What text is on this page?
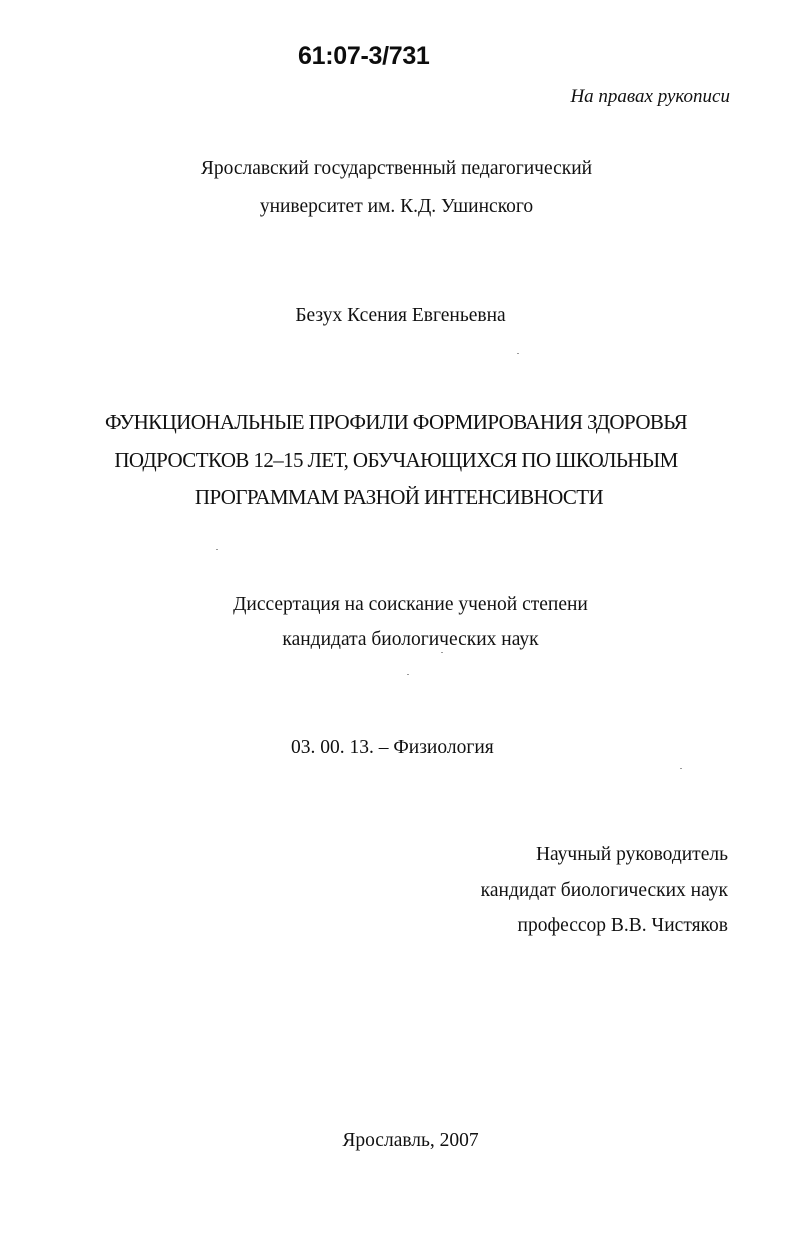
61:07-3/731
На правах рукописи
Ярославский государственный педагогический
университет им. К.Д. Ушинского
Безух Ксения Евгеньевна
ФУНКЦИОНАЛЬНЫЕ ПРОФИЛИ ФОРМИРОВАНИЯ ЗДОРОВЬЯ
ПОДРОСТКОВ 12–15 ЛЕТ, ОБУЧАЮЩИХСЯ ПО ШКОЛЬНЫМ
ПРОГРАММАМ РАЗНОЙ ИНТЕНСИВНОСТИ
Диссертация на соискание ученой степени
кандидата биологических наук
03. 00. 13. – Физиология
Научный руководитель
кандидат биологических наук
профессор В.В. Чистяков
Ярославль, 2007
